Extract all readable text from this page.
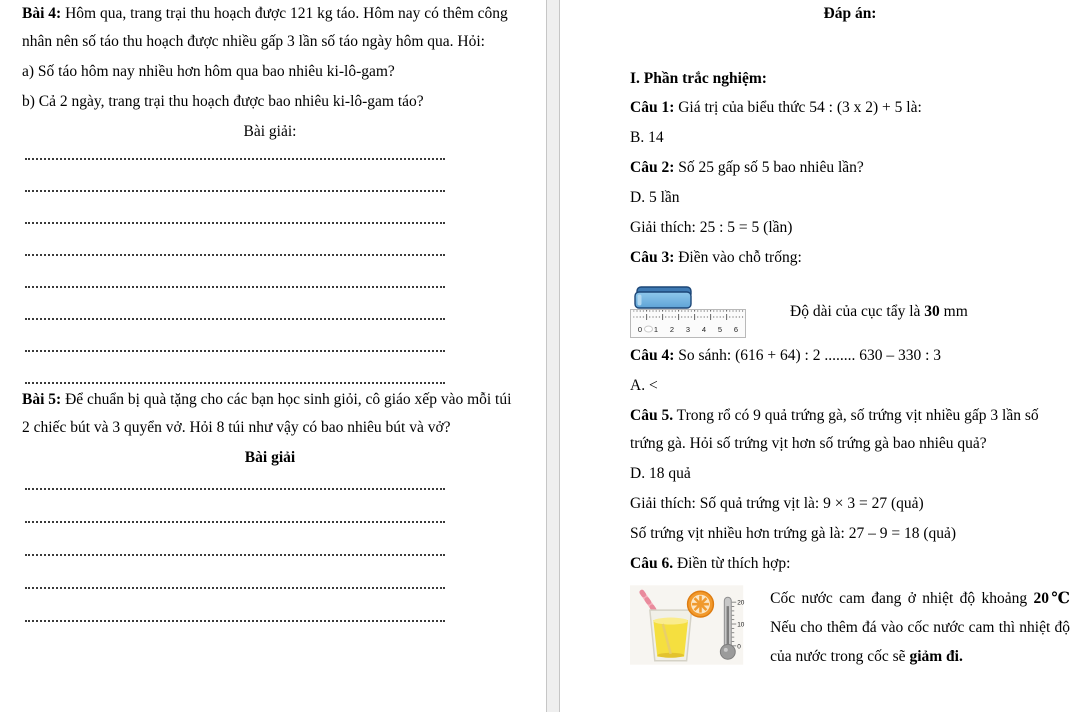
Bài 4: Hôm qua, trang trại thu hoạch được 121 kg táo. Hôm nay có thêm công nhân nên số táo thu hoạch được nhiều gấp 3 lần số táo ngày hôm qua. Hỏi:

a) Số táo hôm nay nhiều hơn hôm qua bao nhiêu ki-lô-gam?

b) Cả 2 ngày, trang trại thu hoạch được bao nhiêu ki-lô-gam táo?

Bài giải:

Bài 5: Để chuẩn bị quà tặng cho các bạn học sinh giỏi, cô giáo xếp vào mỗi túi 2 chiếc bút và 3 quyển vở. Hỏi 8 túi như vậy có bao nhiêu bút và vở?

Bài giải

Đáp án:

I. Phần trắc nghiệm:

Câu 1: Giá trị của biểu thức 54 : (3 x 2) + 5 là:

B. 14

Câu 2: Số 25 gấp số 5 bao nhiêu lần?

D. 5 lần

Giải thích: 25 : 5 = 5 (lần)

Câu 3: Điền vào chỗ trống:

0 1 2 3 4 5 6

Độ dài của cục tẩy là 30 mm

Câu 4: So sánh: (616 + 64) : 2 ........ 630 – 330 : 3

A. <

Câu 5. Trong rổ có 9 quả trứng gà, số trứng vịt nhiều gấp 3 lần số trứng gà. Hỏi số trứng vịt hơn số trứng gà bao nhiêu quả?

D. 18 quả

Giải thích: Số quả trứng vịt là: 9 × 3 = 27 (quả)

Số trứng vịt nhiều hơn trứng gà là: 27 – 9 = 18 (quả)

Câu 6. Điền từ thích hợp:

20
10
0

Cốc nước cam đang ở nhiệt độ khoảng 20℃ Nếu cho thêm đá vào cốc nước cam thì nhiệt độ của nước trong cốc sẽ giảm đi.
